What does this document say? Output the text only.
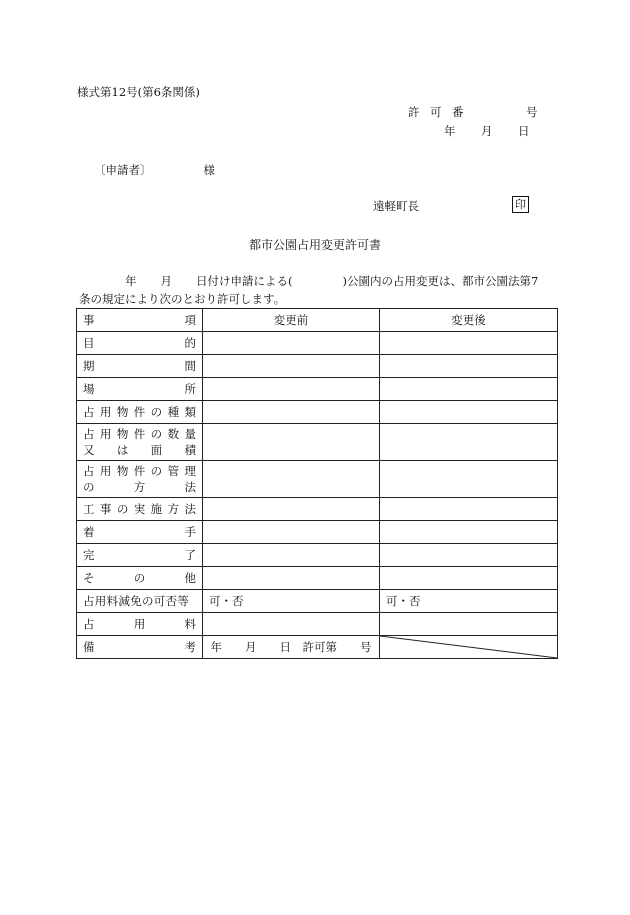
様式第12号(第6条関係)
許 可 番	号
年 月 日
〔申請者〕	様
遠軽町長	印
都市公園占用変更許可書
年 月 日付け申請による(	)公園内の占用変更は、都市公園法第7
条の規定により次のとおり許可します。
事　　　　　　項	変更前	変更後
目的		
期間		
場所		
占用物件の種類		

占用物件の数量
又は面積		

占用物件の管理
の方法		

工事の実施方法		
着手		
完了		
その他		
占用料減免の可否等	可・否	可・否
占用料		
備考	年　　月　　日　許可第　　号	
